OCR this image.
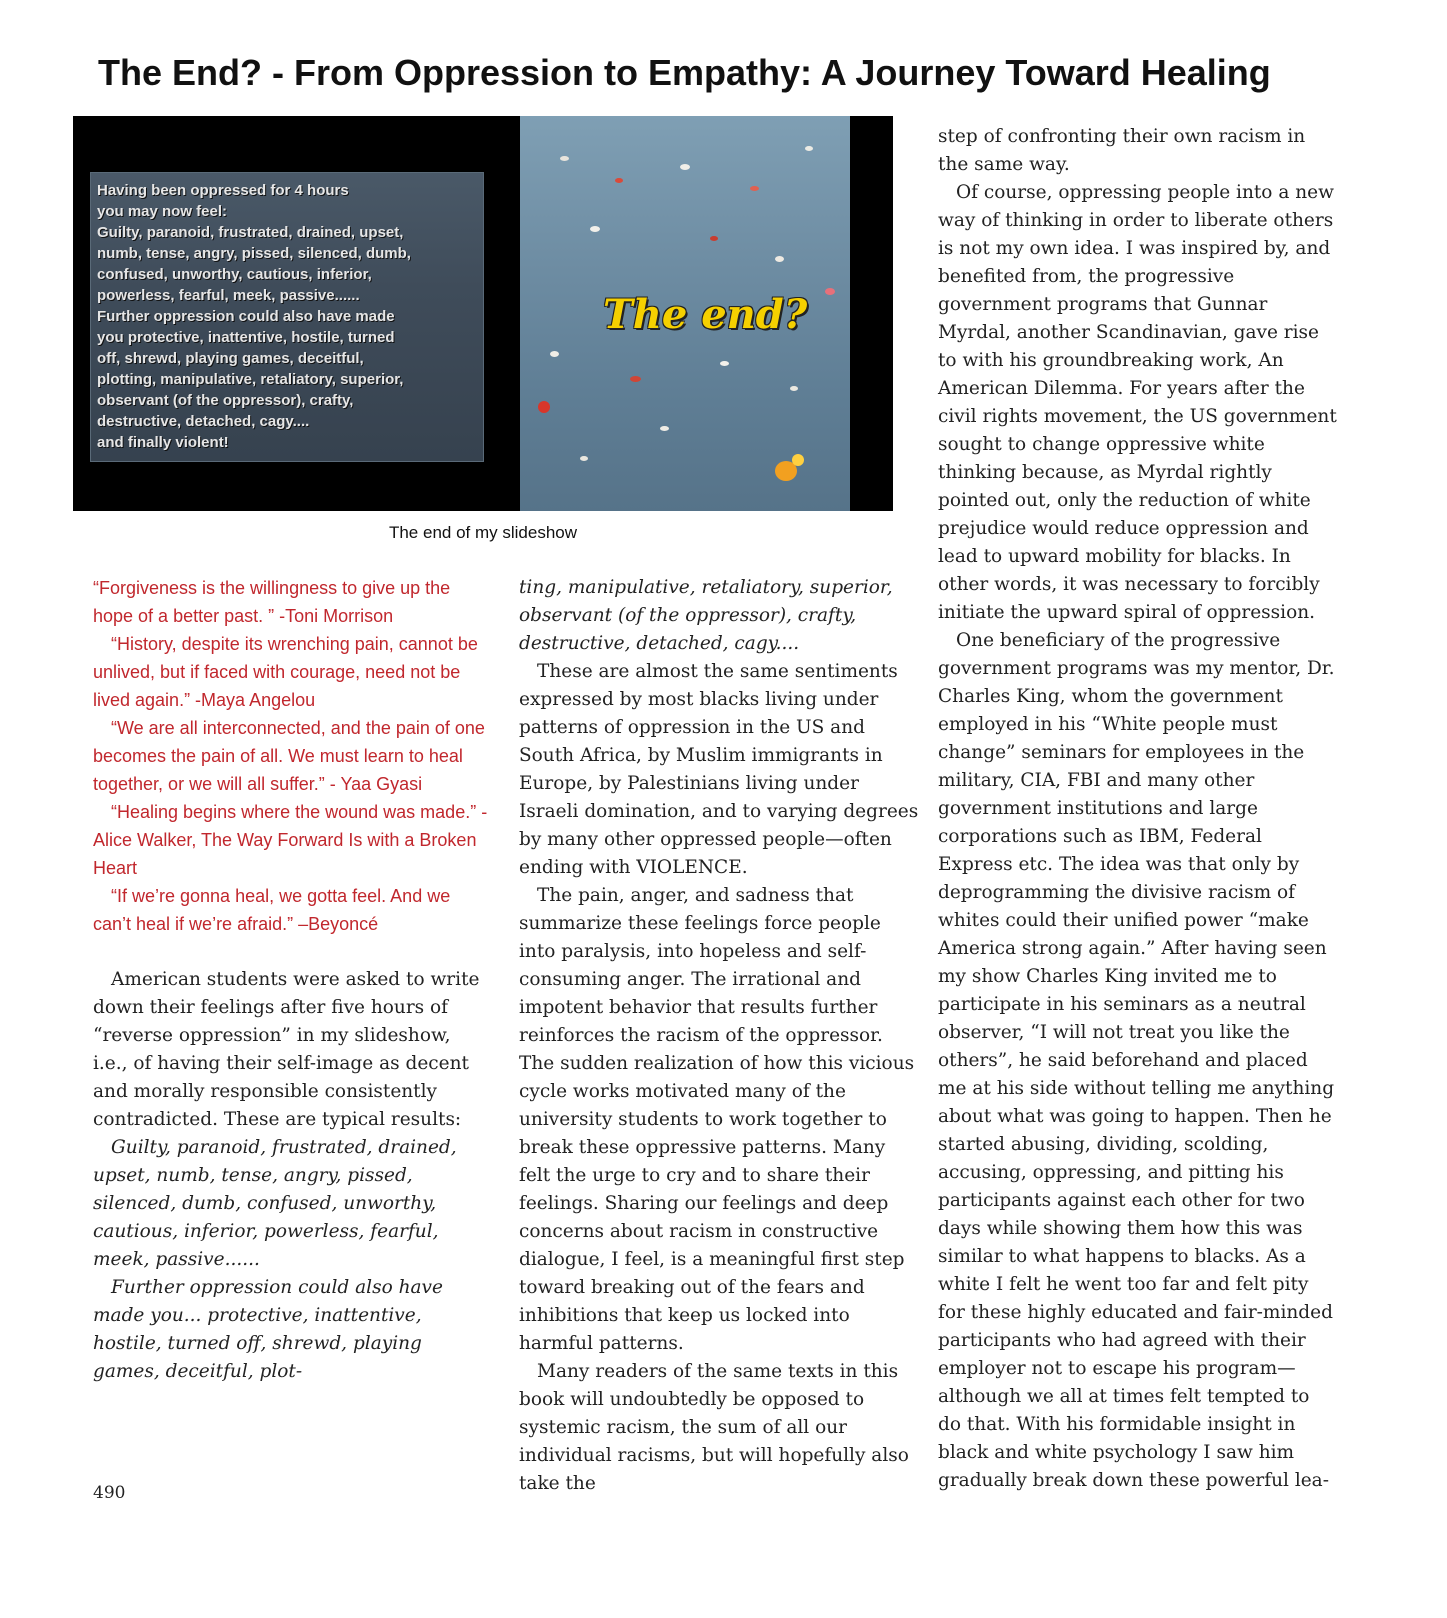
The End? - From Oppression to Empathy: A Journey Toward Healing
Having been oppressed for 4 hours
you may now feel:
Guilty, paranoid, frustrated, drained, upset,
numb, tense, angry, pissed, silenced, dumb,
confused, unworthy, cautious, inferior,
powerless, fearful, meek, passive......
Further oppression could also have made
you protective, inattentive, hostile, turned
off, shrewd, playing games, deceitful,
plotting, manipulative, retaliatory, superior,
observant (of the oppressor), crafty,
destructive, detached, cagy....
and finally violent!
The end?
The end of my slideshow

“Forgiveness is the willingness to give up the hope of a better past. ” -Toni Morrison

“History, despite its wrenching pain, cannot be unlived, but if faced with courage, need not be lived again.” -Maya Angelou

“We are all interconnected, and the pain of one becomes the pain of all. We must learn to heal together, or we will all suffer.” - Yaa Gyasi

“Healing begins where the wound was made.” - Alice Walker, The Way Forward Is with a Broken Heart

“If we’re gonna heal, we gotta feel. And we can’t heal if we’re afraid.” –Beyoncé

American students were asked to write down their feelings after five hours of “reverse oppression” in my slideshow, i.e., of having their self-image as decent and morally responsible consistently contradicted. These are typical results:

Guilty, paranoid, frustrated, drained, upset, numb, tense, angry, pissed, silenced, dumb, confused, unworthy, cautious, inferior, powerless, fearful, meek, passive......

Further oppression could also have made you... protective, inattentive, hostile, turned off, shrewd, playing games, deceitful, plot-

ting, manipulative, retaliatory, superior, observant (of the oppressor), crafty, destructive, detached, cagy....

These are almost the same sentiments expressed by most blacks living under patterns of oppression in the US and South Africa, by Muslim immigrants in Europe, by Palestinians living under Israeli domination, and to varying degrees by many other oppressed people—often ending with VIOLENCE.

The pain, anger, and sadness that summarize these feelings force people into paralysis, into hopeless and self-consuming anger. The irrational and impotent behavior that results further reinforces the racism of the oppressor. The sudden realization of how this vicious cycle works motivated many of the university students to work together to break these oppressive patterns. Many felt the urge to cry and to share their feelings. Sharing our feelings and deep concerns about racism in constructive dialogue, I feel, is a meaningful first step toward breaking out of the fears and inhibitions that keep us locked into harmful patterns.

Many readers of the same texts in this book will undoubtedly be opposed to systemic racism, the sum of all our individual racisms, but will hopefully also take the

step of confronting their own racism in the same way.

Of course, oppressing people into a new way of thinking in order to liberate others is not my own idea. I was inspired by, and benefited from, the progressive government programs that Gunnar Myrdal, another Scandinavian, gave rise to with his groundbreaking work, An American Dilemma. For years after the civil rights movement, the US government sought to change oppressive white thinking because, as Myrdal rightly pointed out, only the reduction of white prejudice would reduce oppression and lead to upward mobility for blacks. In other words, it was necessary to forcibly initiate the upward spiral of oppression.

One beneficiary of the progressive government programs was my mentor, Dr. Charles King, whom the government employed in his “White people must change” seminars for employees in the military, CIA, FBI and many other government institutions and large corporations such as IBM, Federal Express etc. The idea was that only by deprogramming the divisive racism of whites could their unified power “make America strong again.” After having seen my show Charles King invited me to participate in his seminars as a neutral observer, “I will not treat you like the others”, he said beforehand and placed me at his side without telling me anything about what was going to happen. Then he started abusing, dividing, scolding, accusing, oppressing, and pitting his participants against each other for two days while showing them how this was similar to what happens to blacks. As a white I felt he went too far and felt pity for these highly educated and fair-minded participants who had agreed with their employer not to escape his program—although we all at times felt tempted to do that. With his formidable insight in black and white psychology I saw him gradually break down these powerful lea-

490
